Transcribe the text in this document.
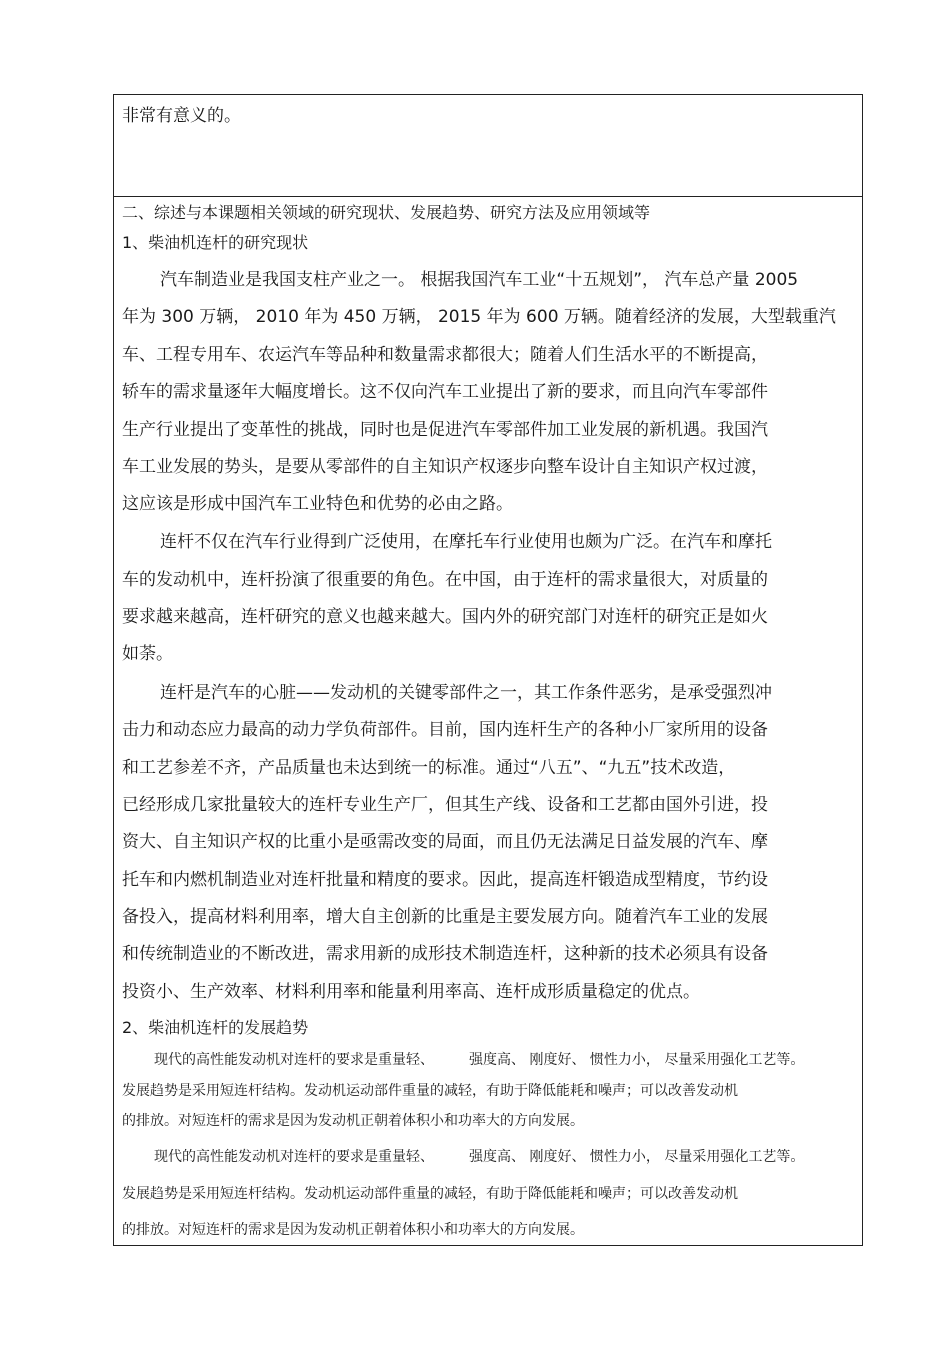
非常有意义的。

二、综述与本课题相关领域的研究现状、发展趋势、研究方法及应用领域等

1、柴油机连杆的研究现状

汽车制造业是我国支柱产业之一。 根据我国汽车工业“十五规划”， 汽车总产量 2005

年为 300 万辆， 2010 年为 450 万辆， 2015 年为 600 万辆。随着经济的发展，大型载重汽

车、工程专用车、农运汽车等品种和数量需求都很大；随着人们生活水平的不断提高，

轿车的需求量逐年大幅度增长。这不仅向汽车工业提出了新的要求，而且向汽车零部件

生产行业提出了变革性的挑战，同时也是促进汽车零部件加工业发展的新机遇。我国汽

车工业发展的势头，是要从零部件的自主知识产权逐步向整车设计自主知识产权过渡，

这应该是形成中国汽车工业特色和优势的必由之路。

连杆不仅在汽车行业得到广泛使用，在摩托车行业使用也颇为广泛。在汽车和摩托

车的发动机中，连杆扮演了很重要的角色。在中国，由于连杆的需求量很大，对质量的

要求越来越高，连杆研究的意义也越来越大。国内外的研究部门对连杆的研究正是如火

如荼。

连杆是汽车的心脏——发动机的关键零部件之一，其工作条件恶劣，是承受强烈冲

击力和动态应力最高的动力学负荷部件。目前，国内连杆生产的各种小厂家所用的设备

和工艺参差不齐，产品质量也未达到统一的标准。通过“八五”、“九五”技术改造，

已经形成几家批量较大的连杆专业生产厂，但其生产线、设备和工艺都由国外引进，投

资大、自主知识产权的比重小是亟需改变的局面，而且仍无法满足日益发展的汽车、摩

托车和内燃机制造业对连杆批量和精度的要求。因此，提高连杆锻造成型精度，节约设

备投入，提高材料利用率，增大自主创新的比重是主要发展方向。随着汽车工业的发展

和传统制造业的不断改进，需求用新的成形技术制造连杆，这种新的技术必须具有设备

投资小、生产效率、材料利用率和能量利用率高、连杆成形质量稳定的优点。

2、柴油机连杆的发展趋势

现代的高性能发动机对连杆的要求是重量轻、　　　强度高、 刚度好、 惯性力小， 尽量采用强化工艺等。

发展趋势是采用短连杆结构。发动机运动部件重量的减轻，有助于降低能耗和噪声；可以改善发动机

的排放。对短连杆的需求是因为发动机正朝着体积小和功率大的方向发展。

现代的高性能发动机对连杆的要求是重量轻、　　　强度高、 刚度好、 惯性力小， 尽量采用强化工艺等。

发展趋势是采用短连杆结构。发动机运动部件重量的减轻，有助于降低能耗和噪声；可以改善发动机

的排放。对短连杆的需求是因为发动机正朝着体积小和功率大的方向发展。
